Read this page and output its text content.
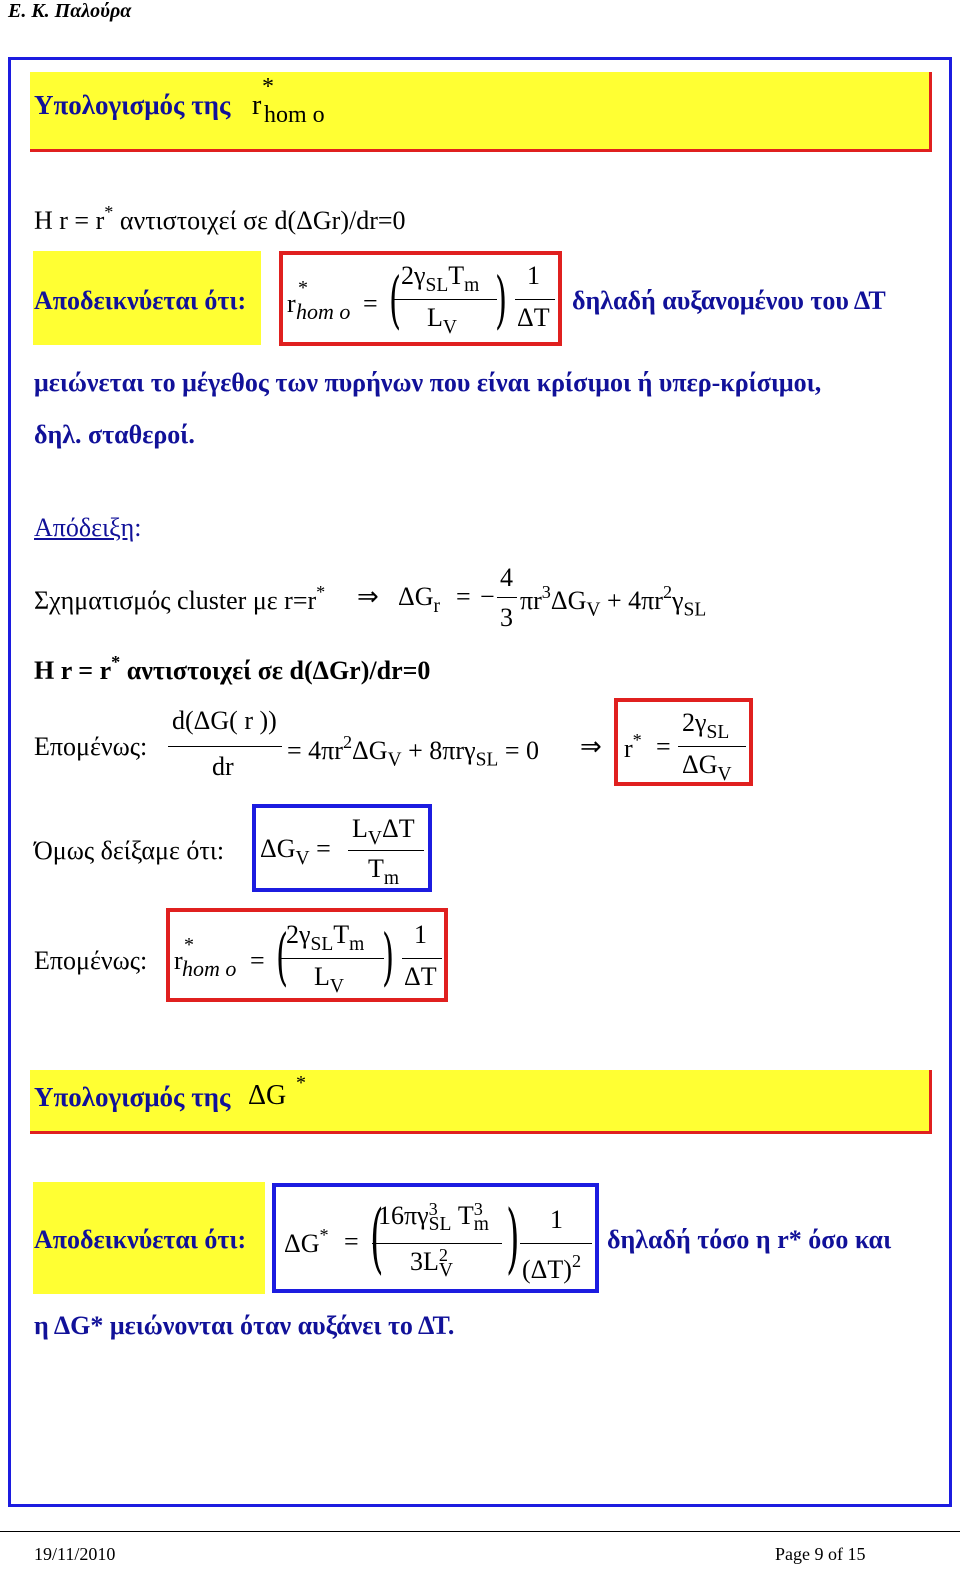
Ε. Κ. Παλούρα
Υπολογισμός της r
*
hom o
Η r = r* αντιστοιχεί σε d(ΔGr)/dr=0
Αποδεικνύεται ότι: r
*
hom o = ( $2\gamma_{SL}T_m$
$L_V$ ) 1
ΔT
δηλαδή αυξανομένου του ΔΤ
μειώνεται το μέγεθος των πυρήνων που είναι κρίσιμοι ή υπερ-κρίσιμοι,
δηλ. σταθεροί.
Απόδειξη:
Σχηματισμός cluster με r=r* ⇒ $\Delta G_r$ = −
4
3
$\pi r^3\Delta G_V + 4\pi r^2\gamma_{SL}$
Η r = r* αντιστοιχεί σε d(ΔGr)/dr=0
Επομένως:
d(ΔG( r ))
dr
= $4\pi r^2\Delta G_V + 8\pi r\gamma_{SL} = 0$ ⇒ r* =
$2\gamma_{SL}$
$\Delta G_V$
Όμως δείξαμε ότι: $\Delta G_V$ =
$L_V\Delta T$
$T_m$
Επομένως: r
*
hom o = (
$2\gamma_{SL}T_m$
$L_V$ ) 1
ΔT
Υπολογισμός της ΔG *
Αποδεικνύεται ότι: ΔG* = (
16πγ 3
SL T 3
m
3L 2
V ) 1
$(\Delta T)^2$
δηλαδή τόσο η r* όσο και
η ΔG* μειώνονται όταν αυξάνει το ΔΤ.
19/11/2010	Page 9 of 15
